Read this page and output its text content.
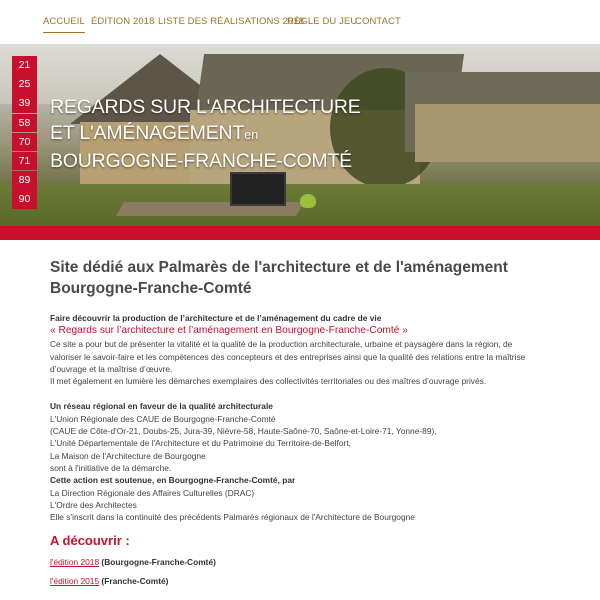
ACCUEIL ÉDITION 2018 LISTE DES RÉALISATIONS 2018
RÈGLE DU JEU
CONTACT
21
25
39
58
70
71
89
90
REGARDS SUR L'ARCHITECTURE
ET L'AMÉNAGEMENTen
BOURGOGNE-FRANCHE-COMTÉ
Site dédié aux Palmarès de l'architecture et de l'aménagement Bourgogne-Franche-Comté
Faire découvrir la production de l’architecture et de l’aménagement du cadre de vie
« Regards sur l’architecture et l’aménagement en Bourgogne-Franche-Comté »
Ce site a pour but de présenter la vitalité et la qualité de la production architecturale, urbaine et paysagère dans la région, de
valoriser le savoir-faire et les compétences des concepteurs et des entreprises ainsi que la qualité des relations entre la maîtrise
d’ouvrage et la maîtrise d’œuvre.
Il met également en lumière les démarches exemplaires des collectivités territoriales ou des maîtres d’ouvrage privés.
Un réseau régional en faveur de la qualité architecturale
L'Union Régionale des CAUE de Bourgogne-Franche-Comté
(CAUE de Côte-d'Or-21, Doubs-25, Jura-39, Nièvre-58, Haute-Saône-70, Saône-et-Loire-71, Yonne-89),
L'Unité Départementale de l'Architecture et du Patrimoine du Territoire-de-Belfort,
La Maison de l'Architecture de Bourgogne
sont à l'initiative de la démarche.
Cette action est soutenue, en Bourgogne-Franche-Comté, par
La Direction Régionale des Affaires Culturelles (DRAC)
L'Ordre des Architectes
Elle s'inscrit dans la continuité des précédents Palmarès régionaux de l'Architecture de Bourgogne
A découvrir :
l'édition 2018 (Bourgogne-Franche-Comté)
l'édition 2015 (Franche-Comté)
